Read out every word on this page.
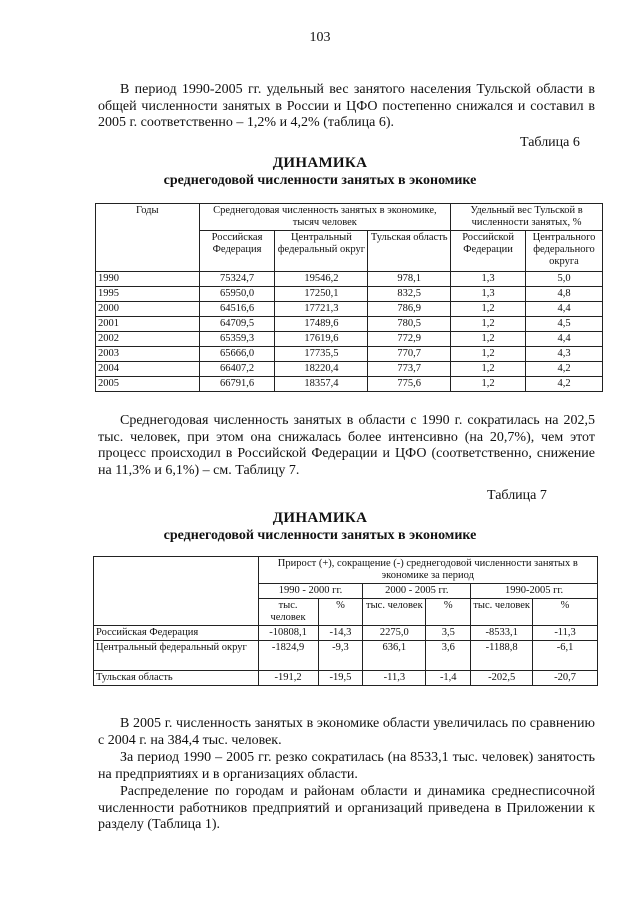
103

В период 1990-2005 гг. удельный вес занятого населения Тульской области в общей численности занятых в России и ЦФО постепенно снижался и составил в 2005 г. соответственно – 1,2% и 4,2% (таблица 6).

Таблица 6
ДИНАМИКА
среднегодовой численности занятых в экономике
Годы	Среднегодовая численность занятых в экономике, тысяч человек			Удельный вес Тульской в численности занятых, %	
	Российская Федерация	Центральный федеральный округ	Тульская область	Российской Федерации	Центрального федерального округа
1990	75324,7	19546,2	978,1	1,3	5,0
1995	65950,0	17250,1	832,5	1,3	4,8
2000	64516,6	17721,3	786,9	1,2	4,4
2001	64709,5	17489,6	780,5	1,2	4,5
2002	65359,3	17619,6	772,9	1,2	4,4
2003	65666,0	17735,5	770,7	1,2	4,3
2004	66407,2	18220,4	773,7	1,2	4,2
2005	66791,6	18357,4	775,6	1,2	4,2

Среднегодовая численность занятых в области с 1990 г. сократилась на 202,5 тыс. человек, при этом она снижалась более интенсивно (на 20,7%), чем этот процесс происходил в Российской Федерации и ЦФО (соответственно, снижение на 11,3% и 6,1%) – см. Таблицу 7.

Таблица 7
ДИНАМИКА
среднегодовой численности занятых в экономике
	Прирост (+), сокращение (-) среднегодовой численности занятых в экономике за период					
	1990 - 2000 гг.		2000 - 2005 гг.		1990-2005 гг.	
	тыс. человек	%	тыс. человек	%	тыс. человек	%
Российская Федерация	-10808,1	-14,3	2275,0	3,5	-8533,1	-11,3
Центральный федеральный округ	-1824,9	-9,3	636,1	3,6	-1188,8	-6,1
Тульская область	-191,2	-19,5	-11,3	-1,4	-202,5	-20,7

В 2005 г. численность занятых в экономике области увеличилась по сравнению с 2004 г. на 384,4 тыс. человек.

За период 1990 – 2005 гг. резко сократилась (на 8533,1 тыс. человек) занятость на предприятиях и в организациях области.

Распределение по городам и районам области и динамика среднесписочной численности работников предприятий и организаций приведена в Приложении к разделу (Таблица 1).
